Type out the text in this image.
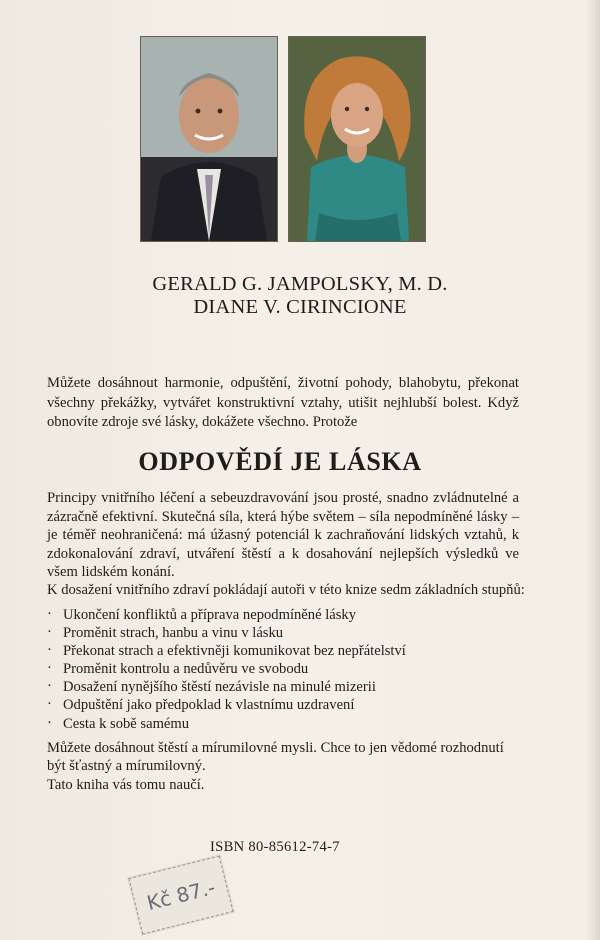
GERALD G. JAMPOLSKY, M. D.
DIANE V. CIRINCIONE
Můžete dosáhnout harmonie, odpuštění, životní pohody, blahobytu, překonat všechny překážky, vytvářet konstruktivní vztahy, utišit nejhlubší bolest. Když obnovíte zdroje své lásky, dokážete všechno. Protože
ODPOVĚDÍ JE LÁSKA
Principy vnitřního léčení a sebeuzdravování jsou prosté, snadno zvládnutelné a zázračně efektivní. Skutečná síla, která hýbe světem – síla nepodmíněné lásky – je téměř neohraničená: má úžasný potenciál k zachraňování lidských vztahů, k zdokonalování zdraví, utváření štěstí a k dosahování nejlepších výsledků ve všem lidském konání.
K dosažení vnitřního zdraví pokládají autoři v této knize sedm základních stupňů:
· Ukončení konfliktů a příprava nepodmíněné lásky
· Proměnit strach, hanbu a vinu v lásku
· Překonat strach a efektivněji komunikovat bez nepřátelství
· Proměnit kontrolu a nedůvěru ve svobodu
· Dosažení nynějšího štěstí nezávisle na minulé mizerii
· Odpuštění jako předpoklad k vlastnímu uzdravení
· Cesta k sobě samému
Můžete dosáhnout štěstí a mírumilovné mysli. Chce to jen vědomé rozhodnutí být šťastný a mírumilovný.
Tato kniha vás tomu naučí.
ISBN 80-85612-74-7
Kč 87.-
